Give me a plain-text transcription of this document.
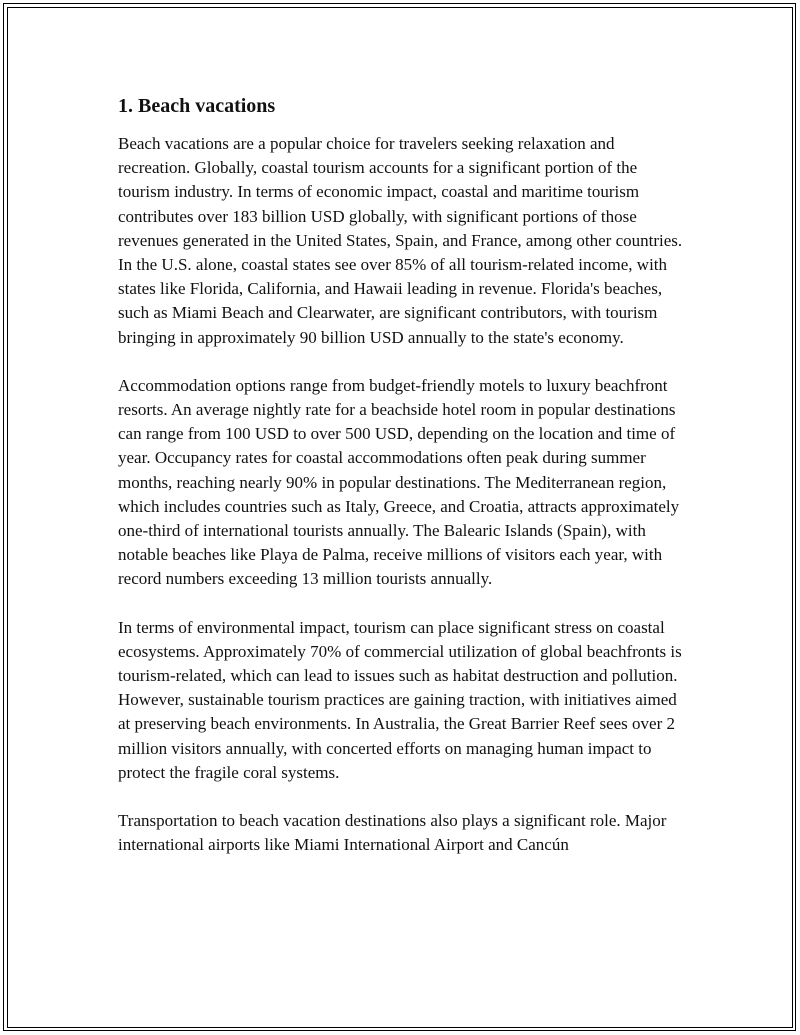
1. Beach vacations

Beach vacations are a popular choice for travelers seeking relaxation and recreation. Globally, coastal tourism accounts for a significant portion of the tourism industry. In terms of economic impact, coastal and maritime tourism contributes over 183 billion USD globally, with significant portions of those revenues generated in the United States, Spain, and France, among other countries. In the U.S. alone, coastal states see over 85% of all tourism-related income, with states like Florida, California, and Hawaii leading in revenue. Florida's beaches, such as Miami Beach and Clearwater, are significant contributors, with tourism bringing in approximately 90 billion USD annually to the state's economy.

Accommodation options range from budget-friendly motels to luxury beachfront resorts. An average nightly rate for a beachside hotel room in popular destinations can range from 100 USD to over 500 USD, depending on the location and time of year. Occupancy rates for coastal accommodations often peak during summer months, reaching nearly 90% in popular destinations. The Mediterranean region, which includes countries such as Italy, Greece, and Croatia, attracts approximately one-third of international tourists annually. The Balearic Islands (Spain), with notable beaches like Playa de Palma, receive millions of visitors each year, with record numbers exceeding 13 million tourists annually.

In terms of environmental impact, tourism can place significant stress on coastal ecosystems. Approximately 70% of commercial utilization of global beachfronts is tourism-related, which can lead to issues such as habitat destruction and pollution. However, sustainable tourism practices are gaining traction, with initiatives aimed at preserving beach environments. In Australia, the Great Barrier Reef sees over 2 million visitors annually, with concerted efforts on managing human impact to protect the fragile coral systems.

Transportation to beach vacation destinations also plays a significant role. Major international airports like Miami International Airport and Cancún
